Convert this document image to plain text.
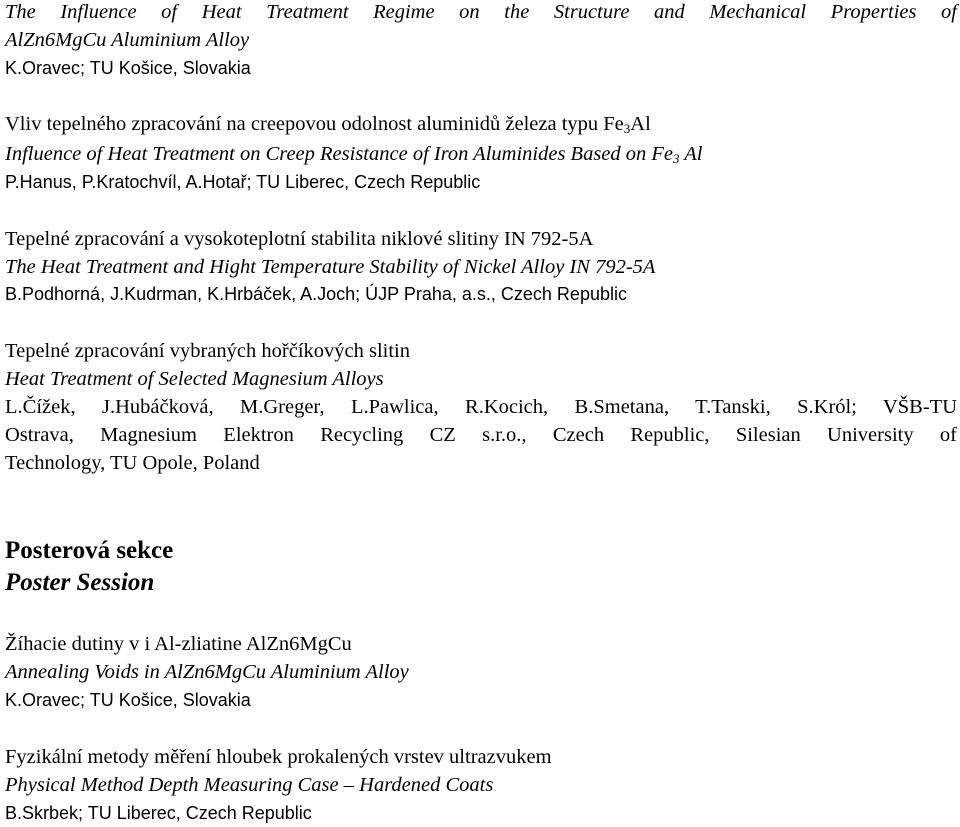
The Influence of Heat Treatment Regime on the Structure and Mechanical Properties of
AlZn6MgCu Aluminium Alloy
K.Oravec; TU Košice, Slovakia
Vliv tepelného zpracování na creepovou odolnost aluminidů železa typu $Fe_3Al$
Influence of Heat Treatment on Creep Resistance of Iron Aluminides Based on $Fe_3$ Al
P.Hanus, P.Kratochvíl, A.Hotař; TU Liberec, Czech Republic
Tepelné zpracování a vysokoteplotní stabilita niklové slitiny IN 792-5A
The Heat Treatment and Hight Temperature Stability of Nickel Alloy IN 792-5A
B.Podhorná, J.Kudrman, K.Hrbáček, A.Joch; ÚJP Praha, a.s., Czech Republic
Tepelné zpracování vybraných hořčíkových slitin
Heat Treatment of Selected Magnesium Alloys
L.Čížek, J.Hubáčková, M.Greger, L.Pawlica, R.Kocich, B.Smetana, T.Tanski, S.Król; VŠB-TU
Ostrava, Magnesium Elektron Recycling CZ s.r.o., Czech Republic, Silesian University of
Technology, TU Opole, Poland
Posterová sekce
Poster Session
Žíhacie dutiny v i Al-zliatine AlZn6MgCu
Annealing Voids in AlZn6MgCu Aluminium Alloy
K.Oravec; TU Košice, Slovakia
Fyzikální metody měření hloubek prokalených vrstev ultrazvukem
Physical Method Depth Measuring Case – Hardened Coats
B.Skrbek; TU Liberec, Czech Republic
